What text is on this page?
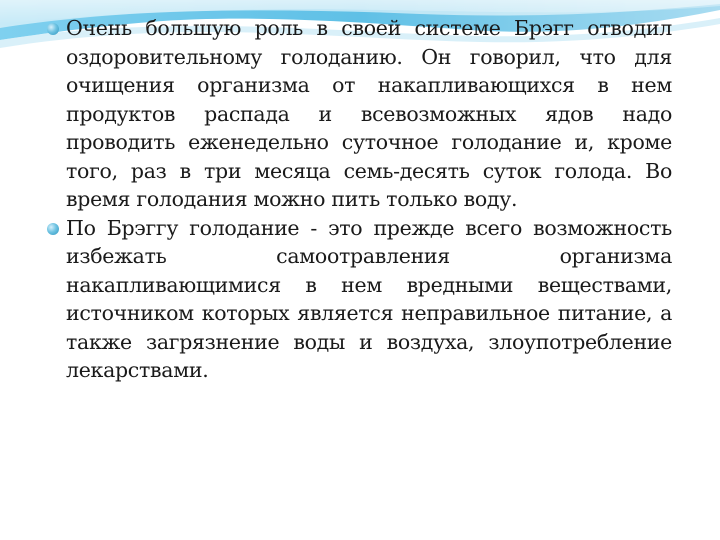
Очень большую роль в своей системе Брэгг отводил оздоровительному голоданию. Он говорил, что для очищения организма от накапливающихся в нем продуктов распада и всевозможных ядов надо проводить еженедельно суточное голодание и, кроме того, раз в три месяца семь-десять суток голода. Во время голодания можно пить только воду.
По Брэггу голодание - это прежде всего возможность избежать самоотравления организма накапливающимися в нем вредными веществами, источником которых является неправильное питание, а также загрязнение воды и воздуха, злоупотребление лекарствами.
